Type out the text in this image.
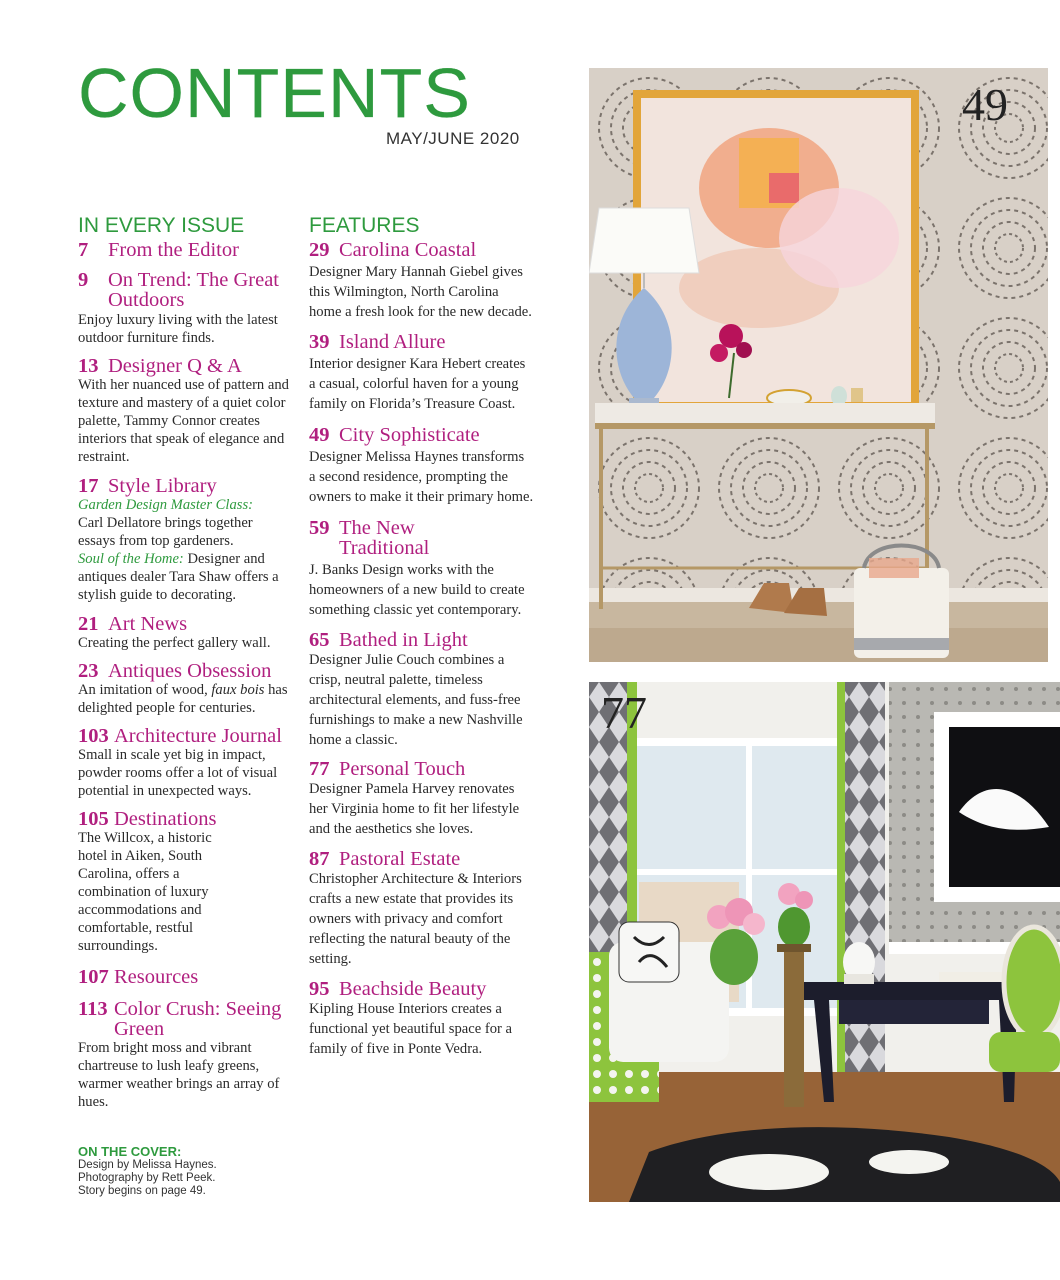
CONTENTS
MAY/JUNE 2020
IN EVERY ISSUE
7 From the Editor
9 On Trend: The Great Outdoors
Enjoy luxury living with the latest outdoor furniture finds.
13 Designer Q & A
With her nuanced use of pattern and texture and mastery of a quiet color palette, Tammy Connor creates interiors that speak of elegance and restraint.
17 Style Library
Garden Design Master Class:
Carl Dellatore brings together essays from top gardeners.
Soul of the Home: Designer and antiques dealer Tara Shaw offers a stylish guide to decorating.
21 Art News
Creating the perfect gallery wall.
23 Antiques Obsession
An imitation of wood, faux bois has delighted people for centuries.
103 Architecture Journal
Small in scale yet big in impact, powder rooms offer a lot of visual potential in unexpected ways.
105 Destinations
The Willcox, a historic hotel in Aiken, South Carolina, offers a combination of luxury accommodations and comfortable, restful surroundings.
107 Resources
113 Color Crush: Seeing Green
From bright moss and vibrant chartreuse to lush leafy greens, warmer weather brings an array of hues.
FEATURES
29 Carolina Coastal
Designer Mary Hannah Giebel gives this Wilmington, North Carolina home a fresh look for the new decade.
39 Island Allure
Interior designer Kara Hebert creates a casual, colorful haven for a young family on Florida’s Treasure Coast.
49 City Sophisticate
Designer Melissa Haynes transforms a second residence, prompting the owners to make it their primary home.
59 The New Traditional
J. Banks Design works with the homeowners of a new build to create something classic yet contemporary.
65 Bathed in Light
Designer Julie Couch combines a crisp, neutral palette, timeless architectural elements, and fuss-free furnishings to make a new Nashville home a classic.
77 Personal Touch
Designer Pamela Harvey renovates her Virginia home to fit her lifestyle and the aesthetics she loves.
87 Pastoral Estate
Christopher Architecture & Interiors crafts a new estate that provides its owners with privacy and comfort reflecting the natural beauty of the setting.
95 Beachside Beauty
Kipling House Interiors creates a functional yet beautiful space for a family of five in Ponte Vedra.
ON THE COVER:
Design by Melissa Haynes.
Photography by Rett Peek.
Story begins on page 49.
49
77
